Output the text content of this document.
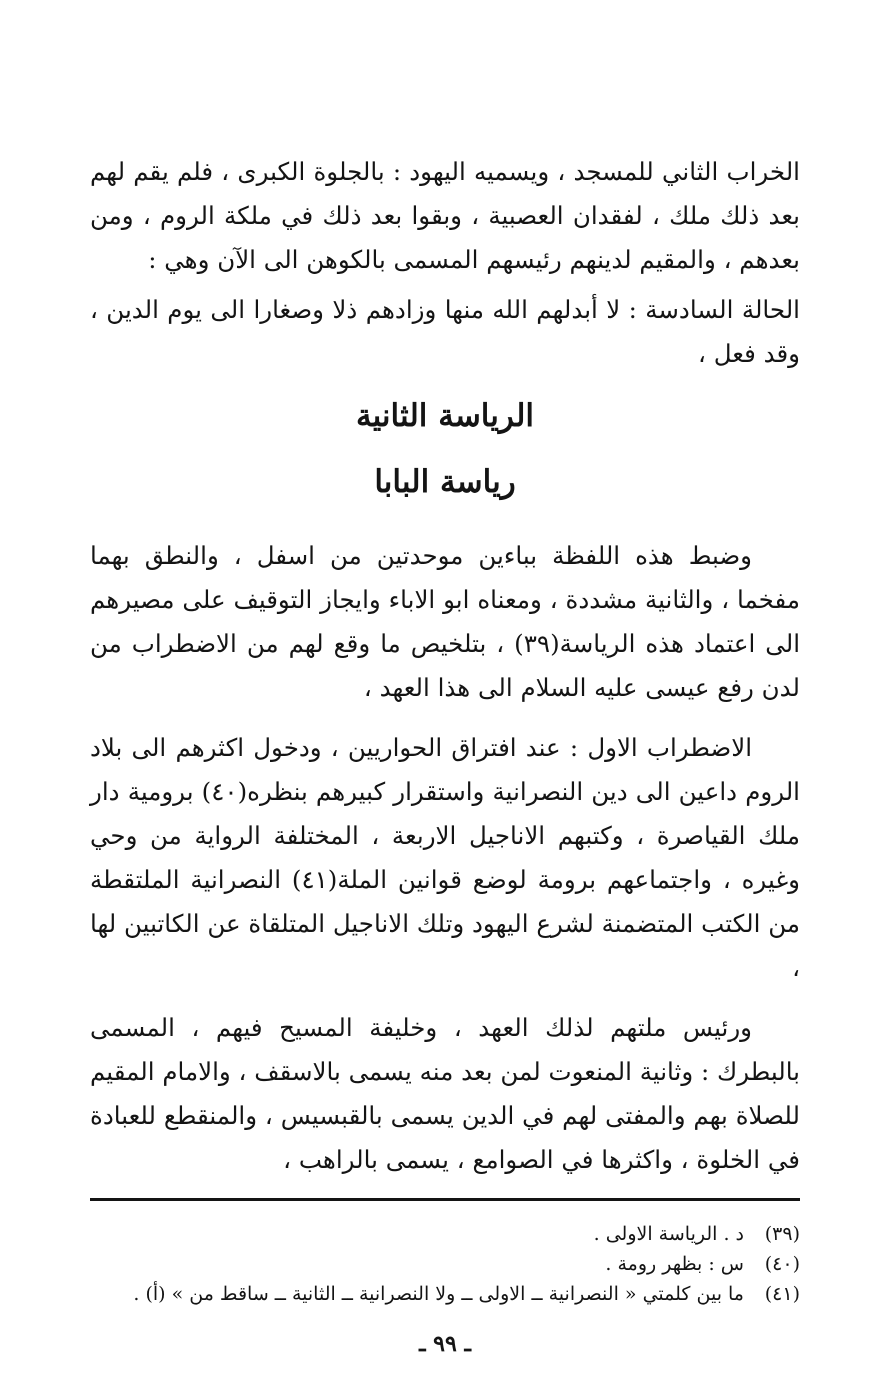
الخراب الثاني للمسجد ، ويسميه اليهود : بالجلوة الكبرى ، فلم يقم لهم بعد ذلك ملك ، لفقدان العصبية ، وبقوا بعد ذلك في ملكة الروم ، ومن بعدهم ، والمقيم لدينهم رئيسهم المسمى بالكوهن الى الآن وهي :

الحالة السادسة : لا أبدلهم الله منها وزادهم ذلا وصغارا الى يوم الدين ، وقد فعل ،

الرياسة الثانية
رياسة البابا

وضبط هذه اللفظة بباءين موحدتين من اسفل ، والنطق بهما مفخما ، والثانية مشددة ، ومعناه ابو الاباء وايجاز التوقيف على مصيرهم الى اعتماد هذه الرياسة(٣٩) ، بتلخيص ما وقع لهم من الاضطراب من لدن رفع عيسى عليه السلام الى هذا العهد ،

الاضطراب الاول : عند افتراق الحواريين ، ودخول اكثرهم الى بلاد الروم داعين الى دين النصرانية واستقرار كبيرهم بنظره(٤٠) برومية دار ملك القياصرة ، وكتبهم الاناجيل الاربعة ، المختلفة الرواية من وحي وغيره ، واجتماعهم برومة لوضع قوانين الملة(٤١) النصرانية الملتقطة من الكتب المتضمنة لشرع اليهود وتلك الاناجيل المتلقاة عن الكاتبين لها ،

ورئيس ملتهم لذلك العهد ، وخليفة المسيح فيهم ، المسمى بالبطرك : وثانية المنعوت لمن بعد منه يسمى بالاسقف ، والامام المقيم للصلاة بهم والمفتى لهم في الدين يسمى بالقبسيس ، والمنقطع للعبادة في الخلوة ، واكثرها في الصوامع ، يسمى بالراهب ،

(٣٩)
د . الرياسة الاولى .
(٤٠)
س : بظهر رومة .
(٤١)
ما بين كلمتي « النصرانية ــ الاولى ــ ولا النصرانية ــ الثانية ــ ساقط من » (أ) .
ـ ٩٩ ـ
